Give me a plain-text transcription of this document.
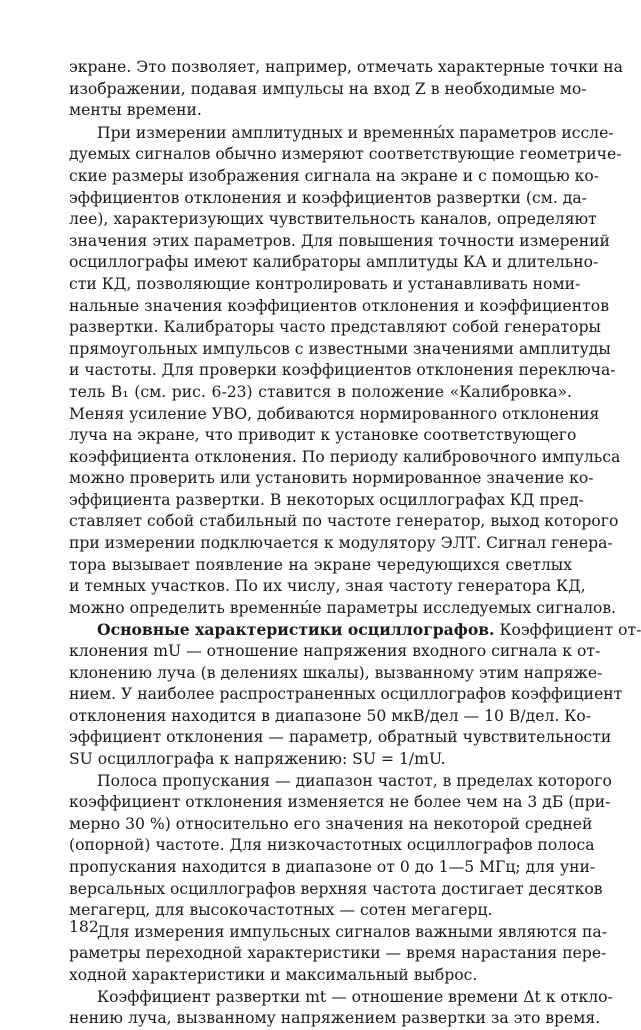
экране. Это позволяет, например, отмечать характерные точки на
изображении, подавая импульсы на вход Z в необходимые мо-
менты времени.
При измерении амплитудных и временны́х параметров иссле-
дуемых сигналов обычно измеряют соответствующие геометриче-
ские размеры изображения сигнала на экране и с помощью ко-
эффициентов отклонения и коэффициентов развертки (см. да-
лее), характеризующих чувствительность каналов, определяют
значения этих параметров. Для повышения точности измерений
осциллографы имеют калибраторы амплитуды КА и длительно-
сти КД, позволяющие контролировать и устанавливать номи-
нальные значения коэффициентов отклонения и коэффициентов
развертки. Калибраторы часто представляют собой генераторы
прямоугольных импульсов с известными значениями амплитуды
и частоты. Для проверки коэффициентов отклонения переключа-
тель B₁ (см. рис. 6-23) ставится в положение «Калибровка».
Меняя усиление УВО, добиваются нормированного отклонения
луча на экране, что приводит к установке соответствующего
коэффициента отклонения. По периоду калибровочного импульса
можно проверить или установить нормированное значение ко-
эффициента развертки. В некоторых осциллографах КД пред-
ставляет собой стабильный по частоте генератор, выход которого
при измерении подключается к модулятору ЭЛТ. Сигнал генера-
тора вызывает появление на экране чередующихся светлых
и темных участков. По их числу, зная частоту генератора КД,
можно определить временны́е параметры исследуемых сигналов.
Основные характеристики осциллографов. Коэффициент от-
клонения mU — отношение напряжения входного сигнала к от-
клонению луча (в делениях шкалы), вызванному этим напряже-
нием. У наиболее распространенных осциллографов коэффициент
отклонения находится в диапазоне 50 мкВ/дел — 10 В/дел. Ко-
эффициент отклонения — параметр, обратный чувствительности
SU осциллографа к напряжению: SU = 1/mU.
Полоса пропускания — диапазон частот, в пределах которого
коэффициент отклонения изменяется не более чем на 3 дБ (при-
мерно 30 %) относительно его значения на некоторой средней
(опорной) частоте. Для низкочастотных осциллографов полоса
пропускания находится в диапазоне от 0 до 1—5 МГц; для уни-
версальных осциллографов верхняя частота достигает десятков
мегагерц, для высокочастотных — сотен мегагерц.
Для измерения импульсных сигналов важными являются па-
раметры переходной характеристики — время нарастания пере-
ходной характеристики и максимальный выброс.
Коэффициент развертки mt — отношение времени Δt к откло-
нению луча, вызванному напряжением развертки за это время.
182
